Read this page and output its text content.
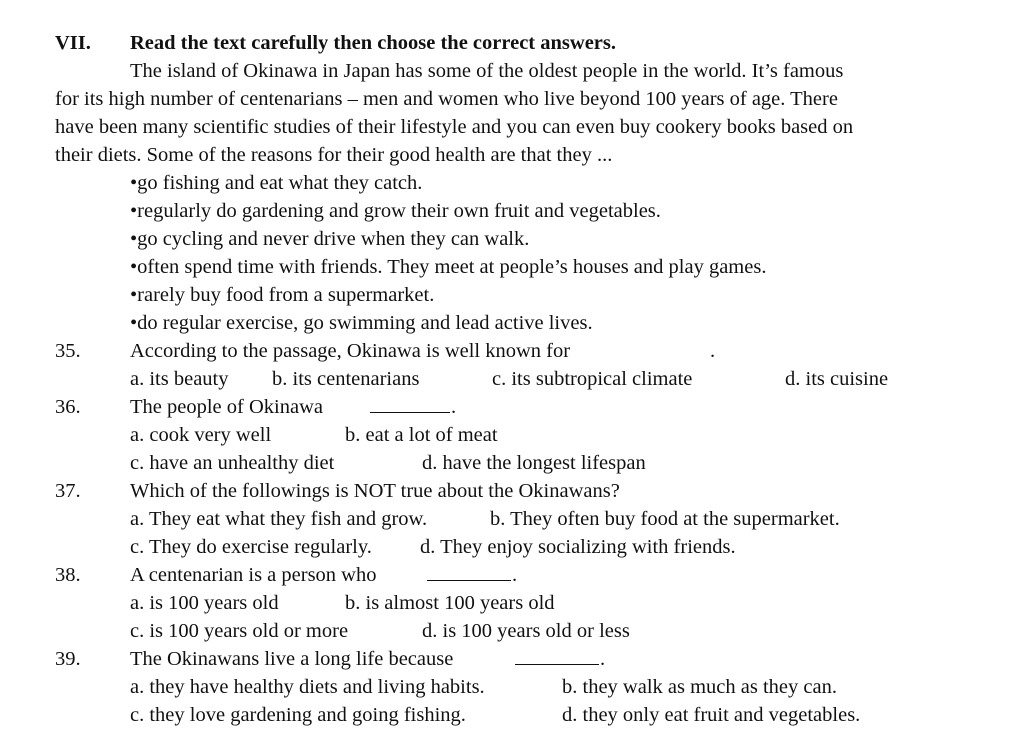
VII. Read the text carefully then choose the correct answers.
The island of Okinawa in Japan has some of the oldest people in the world. It’s famous
for its high number of centenarians – men and women who live beyond 100 years of age. There
have been many scientific studies of their lifestyle and you can even buy cookery books based on
their diets. Some of the reasons for their good health are that they ...
•go fishing and eat what they catch.
•regularly do gardening and grow their own fruit and vegetables.
•go cycling and never drive when they can walk.
•often spend time with friends. They meet at people’s houses and play games.
•rarely buy food from a supermarket.
•do regular exercise, go swimming and lead active lives.
35. According to the passage, Okinawa is well known for	.
a. its beauty b. its centenarians	c. its subtropical climate	d. its cuisine
36. The people of Okinawa	.
a. cook very well	b. eat a lot of meat
c. have an unhealthy diet	d. have the longest lifespan
37. Which of the followings is NOT true about the Okinawans?
a. They eat what they fish and grow.	b. They often buy food at the supermarket.
c. They do exercise regularly. d. They enjoy socializing with friends.
38. A centenarian is a person who	.
a. is 100 years old	b. is almost 100 years old
c. is 100 years old or more	d. is 100 years old or less
39. The Okinawans live a long life because	.
a. they have healthy diets and living habits.	b. they walk as much as they can.
c. they love gardening and going fishing.	d. they only eat fruit and vegetables.
